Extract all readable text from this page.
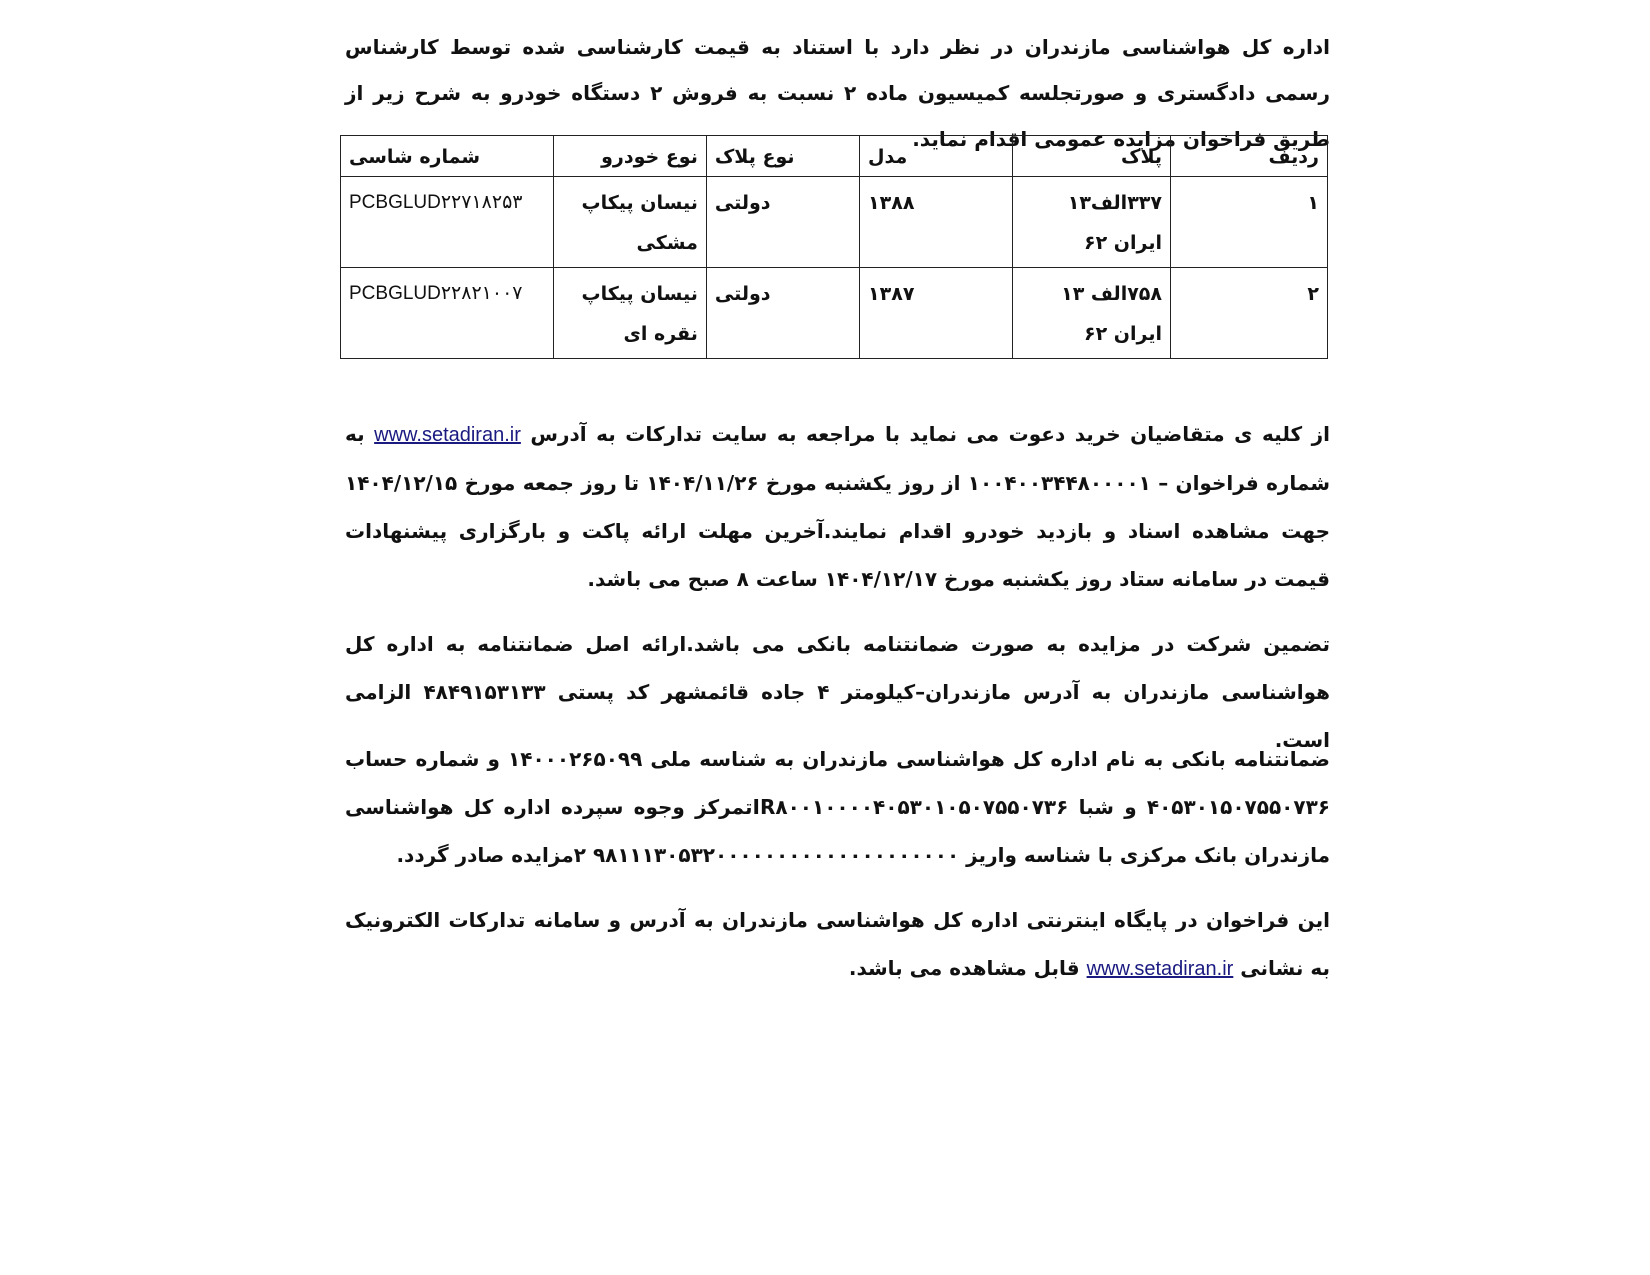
اداره کل هواشناسی مازندران در نظر دارد با استناد به قیمت کارشناسی شده توسط کارشناس رسمی دادگستری و صورتجلسه کمیسیون ماده ۲ نسبت به فروش ۲ دستگاه خودرو به شرح زیر از طریق فراخوان مزایده عمومی اقدام نماید.
ردیف	پلاک	مدل	نوع پلاک	نوع خودرو	شماره شاسی
۱	۳۳۷الف۱۳ ایران ۶۲	۱۳۸۸	دولتی	نیسان پیکاپ مشکی	PCBGLUD۲۲۷۱۸۲۵۳
۲	۷۵۸الف ۱۳ ایران ۶۲	۱۳۸۷	دولتی	نیسان پیکاپ نقره ای	PCBGLUD۲۲۸۲۱۰۰۷
از کلیه ی متقاضیان خرید دعوت می نماید با مراجعه به سایت تدارکات به آدرس www.setadiran.ir به شماره فراخوان – ۱۰۰۴۰۰۳۴۴۸۰۰۰۰۱ از روز یکشنبه مورخ ۱۴۰۴/۱۱/۲۶ تا روز جمعه مورخ ۱۴۰۴/۱۲/۱۵ جهت مشاهده اسناد و بازدید خودرو اقدام نمایند.آخرین مهلت ارائه پاکت و بارگزاری پیشنهادات قیمت در سامانه ستاد روز یکشنبه مورخ ۱۴۰۴/۱۲/۱۷ ساعت ۸ صبح می باشد.
تضمین شرکت در مزایده به صورت ضمانتنامه بانکی می باشد.ارائه اصل ضمانتنامه به اداره کل هواشناسی مازندران به آدرس مازندران–کیلومتر ۴ جاده قائمشهر کد پستی ۴۸۴۹۱۵۳۱۳۳ الزامی است.
ضمانتنامه بانکی به نام اداره کل هواشناسی مازندران به شناسه ملی ۱۴۰۰۰۲۶۵۰۹۹ و شماره حساب ۴۰۵۳۰۱۵۰۷۵۵۰۷۳۶ و شبا IR۸۰۰۱۰۰۰۰۴۰۵۳۰۱۰۵۰۷۵۵۰۷۳۶تمرکز وجوه سپرده اداره کل هواشناسی مازندران بانک مرکزی با شناسه واریز ۹۸۱۱۱۳۰۵۳۲۰۰۰۰۰۰۰۰۰۰۰۰۰۰۰۰۰۰۰۰ ۲مزایده صادر گردد.
این فراخوان در پایگاه اینترنتی اداره کل هواشناسی مازندران به آدرس و سامانه تدارکات الکترونیک به نشانی www.setadiran.ir قابل مشاهده می باشد.
